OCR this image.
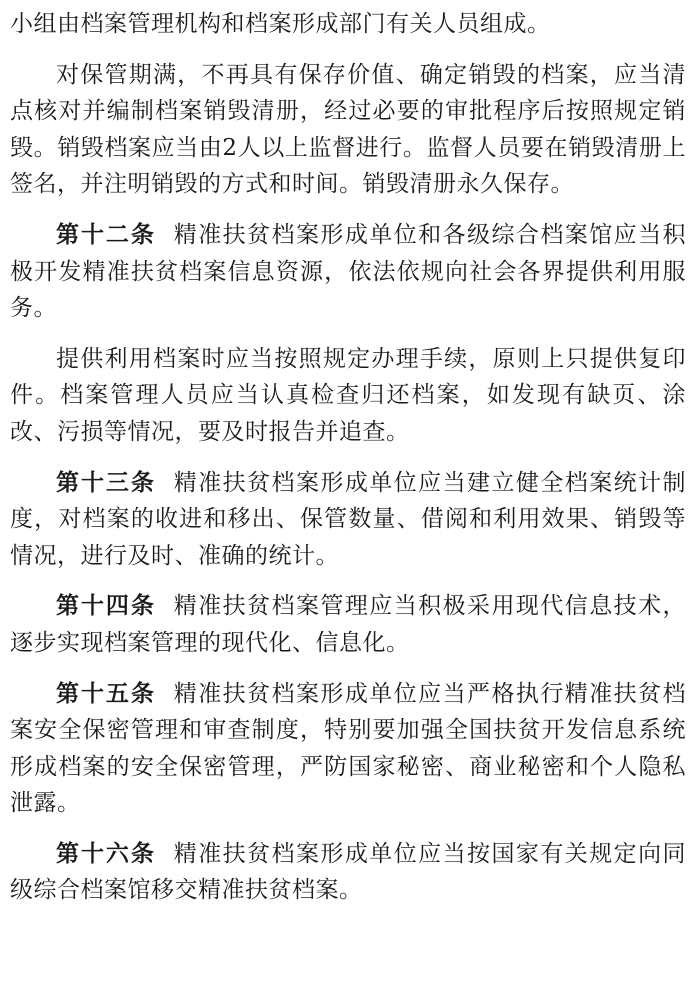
小组由档案管理机构和档案形成部门有关人员组成。

对保管期满，不再具有保存价值、确定销毁的档案，应当清点核对并编制档案销毁清册，经过必要的审批程序后按照规定销毁。销毁档案应当由2人以上监督进行。监督人员要在销毁清册上签名，并注明销毁的方式和时间。销毁清册永久保存。

第十二条 精准扶贫档案形成单位和各级综合档案馆应当积极开发精准扶贫档案信息资源，依法依规向社会各界提供利用服务。

提供利用档案时应当按照规定办理手续，原则上只提供复印件。档案管理人员应当认真检查归还档案，如发现有缺页、涂改、污损等情况，要及时报告并追查。

第十三条 精准扶贫档案形成单位应当建立健全档案统计制度，对档案的收进和移出、保管数量、借阅和利用效果、销毁等情况，进行及时、准确的统计。

第十四条 精准扶贫档案管理应当积极采用现代信息技术，逐步实现档案管理的现代化、信息化。

第十五条 精准扶贫档案形成单位应当严格执行精准扶贫档案安全保密管理和审查制度，特别要加强全国扶贫开发信息系统形成档案的安全保密管理，严防国家秘密、商业秘密和个人隐私泄露。

第十六条 精准扶贫档案形成单位应当按国家有关规定向同级综合档案馆移交精准扶贫档案。
